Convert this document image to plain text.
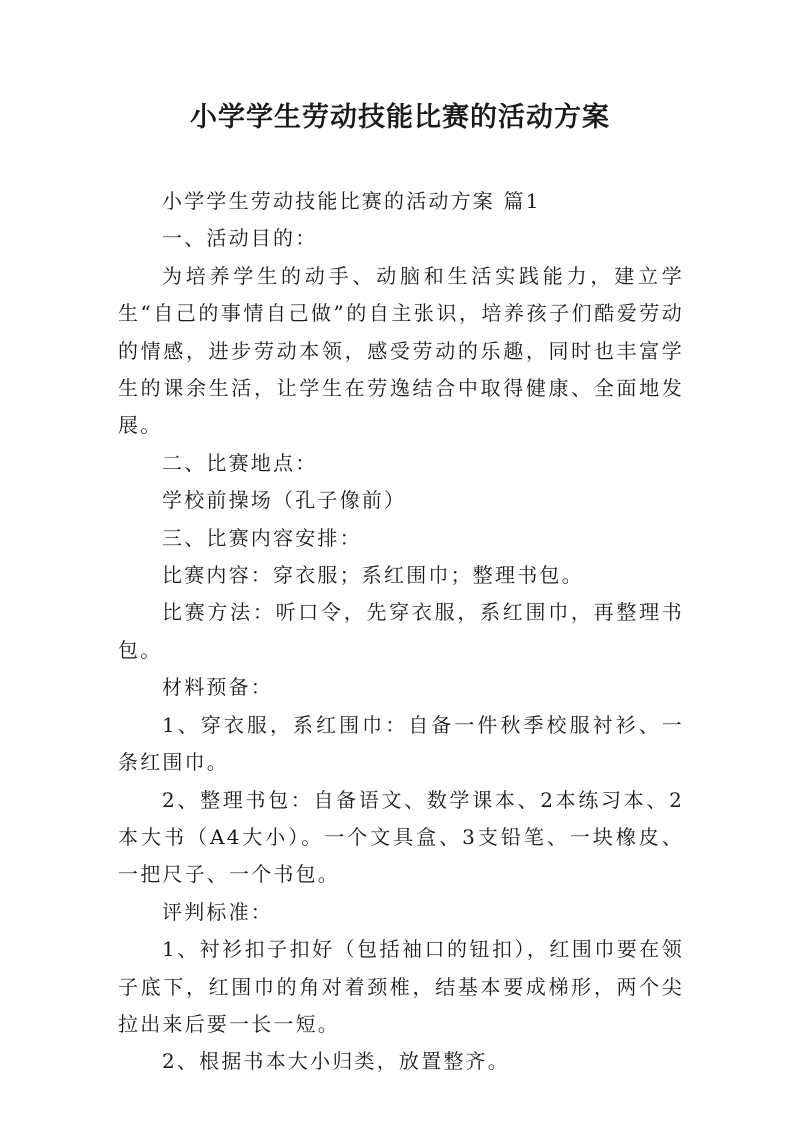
小学学生劳动技能比赛的活动方案

小学学生劳动技能比赛的活动方案 篇1

一、活动目的：

为培养学生的动手、动脑和生活实践能力，建立学生“自己的事情自己做”的自主张识，培养孩子们酷爱劳动的情感，进步劳动本领，感受劳动的乐趣，同时也丰富学生的课余生活，让学生在劳逸结合中取得健康、全面地发展。

二、比赛地点：

学校前操场（孔子像前）

三、比赛内容安排：

比赛内容：穿衣服；系红围巾；整理书包。

比赛方法：听口令，先穿衣服，系红围巾，再整理书包。

材料预备：

1、穿衣服，系红围巾：自备一件秋季校服衬衫、一条红围巾。

2、整理书包：自备语文、数学课本、2本练习本、2本大书（A4大小）。一个文具盒、3支铅笔、一块橡皮、一把尺子、一个书包。

评判标准：

1、衬衫扣子扣好（包括袖口的钮扣），红围巾要在领子底下，红围巾的角对着颈椎，结基本要成梯形，两个尖拉出来后要一长一短。

2、根据书本大小归类，放置整齐。
